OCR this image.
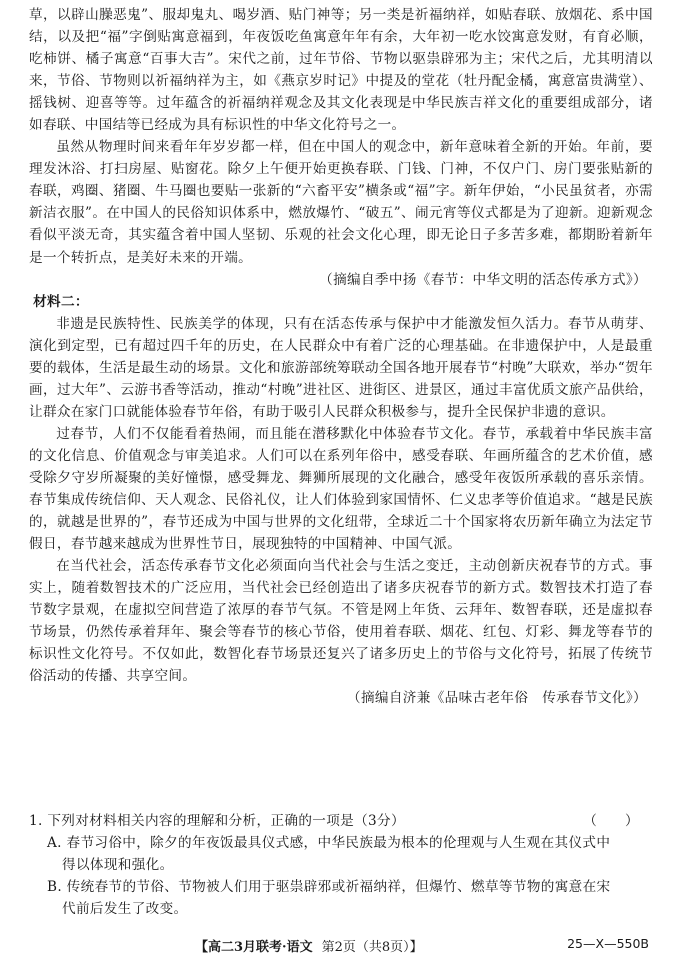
草，以辟山臊恶鬼”、服却鬼丸、喝岁酒、贴门神等；另一类是祈福纳祥，如贴春联、放烟花、系中国结，以及把“福”字倒贴寓意福到，年夜饭吃鱼寓意年年有余，大年初一吃水饺寓意发财，有育必顺，吃柿饼、橘子寓意“百事大吉”。宋代之前，过年节俗、节物以驱祟辟邪为主；宋代之后，尤其明清以来，节俗、节物则以祈福纳祥为主，如《燕京岁时记》中提及的堂花（牡丹配金橘，寓意富贵满堂）、摇钱树、迎喜等等。过年蕴含的祈福纳祥观念及其文化表现是中华民族吉祥文化的重要组成部分，诸如春联、中国结等已经成为具有标识性的中华文化符号之一。

虽然从物理时间来看年年岁岁都一样，但在中国人的观念中，新年意味着全新的开始。年前，要理发沐浴、打扫房屋、贴窗花。除夕上午便开始更换春联、门钱、门神，不仅户门、房门要张贴新的春联，鸡圈、猪圈、牛马圈也要贴一张新的“六畜平安”横条或“福”字。新年伊始，“小民虽贫者，亦需新洁衣服”。在中国人的民俗知识体系中，燃放爆竹、“破五”、闹元宵等仪式都是为了迎新。迎新观念看似平淡无奇，其实蕴含着中国人坚韧、乐观的社会文化心理，即无论日子多苦多难，都期盼着新年是一个转折点，是美好未来的开端。

（摘编自季中扬《春节：中华文明的活态传承方式》）

材料二：

非遗是民族特性、民族美学的体现，只有在活态传承与保护中才能激发恒久活力。春节从萌芽、演化到定型，已有超过四千年的历史，在人民群众中有着广泛的心理基础。在非遗保护中，人是最重要的载体，生活是最生动的场景。文化和旅游部统筹联动全国各地开展春节“村晚”大联欢，举办“贺年画，过大年”、云游书香等活动，推动“村晚”进社区、进街区、进景区，通过丰富优质文旅产品供给，让群众在家门口就能体验春节年俗，有助于吸引人民群众积极参与，提升全民保护非遗的意识。

过春节，人们不仅能看着热闹，而且能在潜移默化中体验春节文化。春节，承载着中华民族丰富的文化信息、价值观念与审美追求。人们可以在系列年俗中，感受春联、年画所蕴含的艺术价值，感受除夕守岁所凝聚的美好憧憬，感受舞龙、舞狮所展现的文化融合，感受年夜饭所承载的喜乐亲情。春节集成传统信仰、天人观念、民俗礼仪，让人们体验到家国情怀、仁义忠孝等价值追求。“越是民族的，就越是世界的”，春节还成为中国与世界的文化纽带，全球近二十个国家将农历新年确立为法定节假日，春节越来越成为世界性节日，展现独特的中国精神、中国气派。

在当代社会，活态传承春节文化必须面向当代社会与生活之变迁，主动创新庆祝春节的方式。事实上，随着数智技术的广泛应用，当代社会已经创造出了诸多庆祝春节的新方式。数智技术打造了春节数字景观，在虚拟空间营造了浓厚的春节气氛。不管是网上年货、云拜年、数智春联，还是虚拟春节场景，仍然传承着拜年、聚会等春节的核心节俗，使用着春联、烟花、红包、灯彩、舞龙等春节的标识性文化符号。不仅如此，数智化春节场景还复兴了诸多历史上的节俗与文化符号，拓展了传统节俗活动的传播、共享空间。

（摘编自济兼《品味古老年俗　传承春节文化》）

1. 下列对材料相关内容的理解和分析，正确的一项是（3分）	（　　）

A. 春节习俗中，除夕的年夜饭最具仪式感，中华民族最为根本的伦理观与人生观在其仪式中

得以体现和强化。

B. 传统春节的节俗、节物被人们用于驱祟辟邪或祈福纳祥，但爆竹、燃草等节物的寓意在宋

代前后发生了改变。

【高二3月联考·语文 第2页（共8页）】	25—X—550B
